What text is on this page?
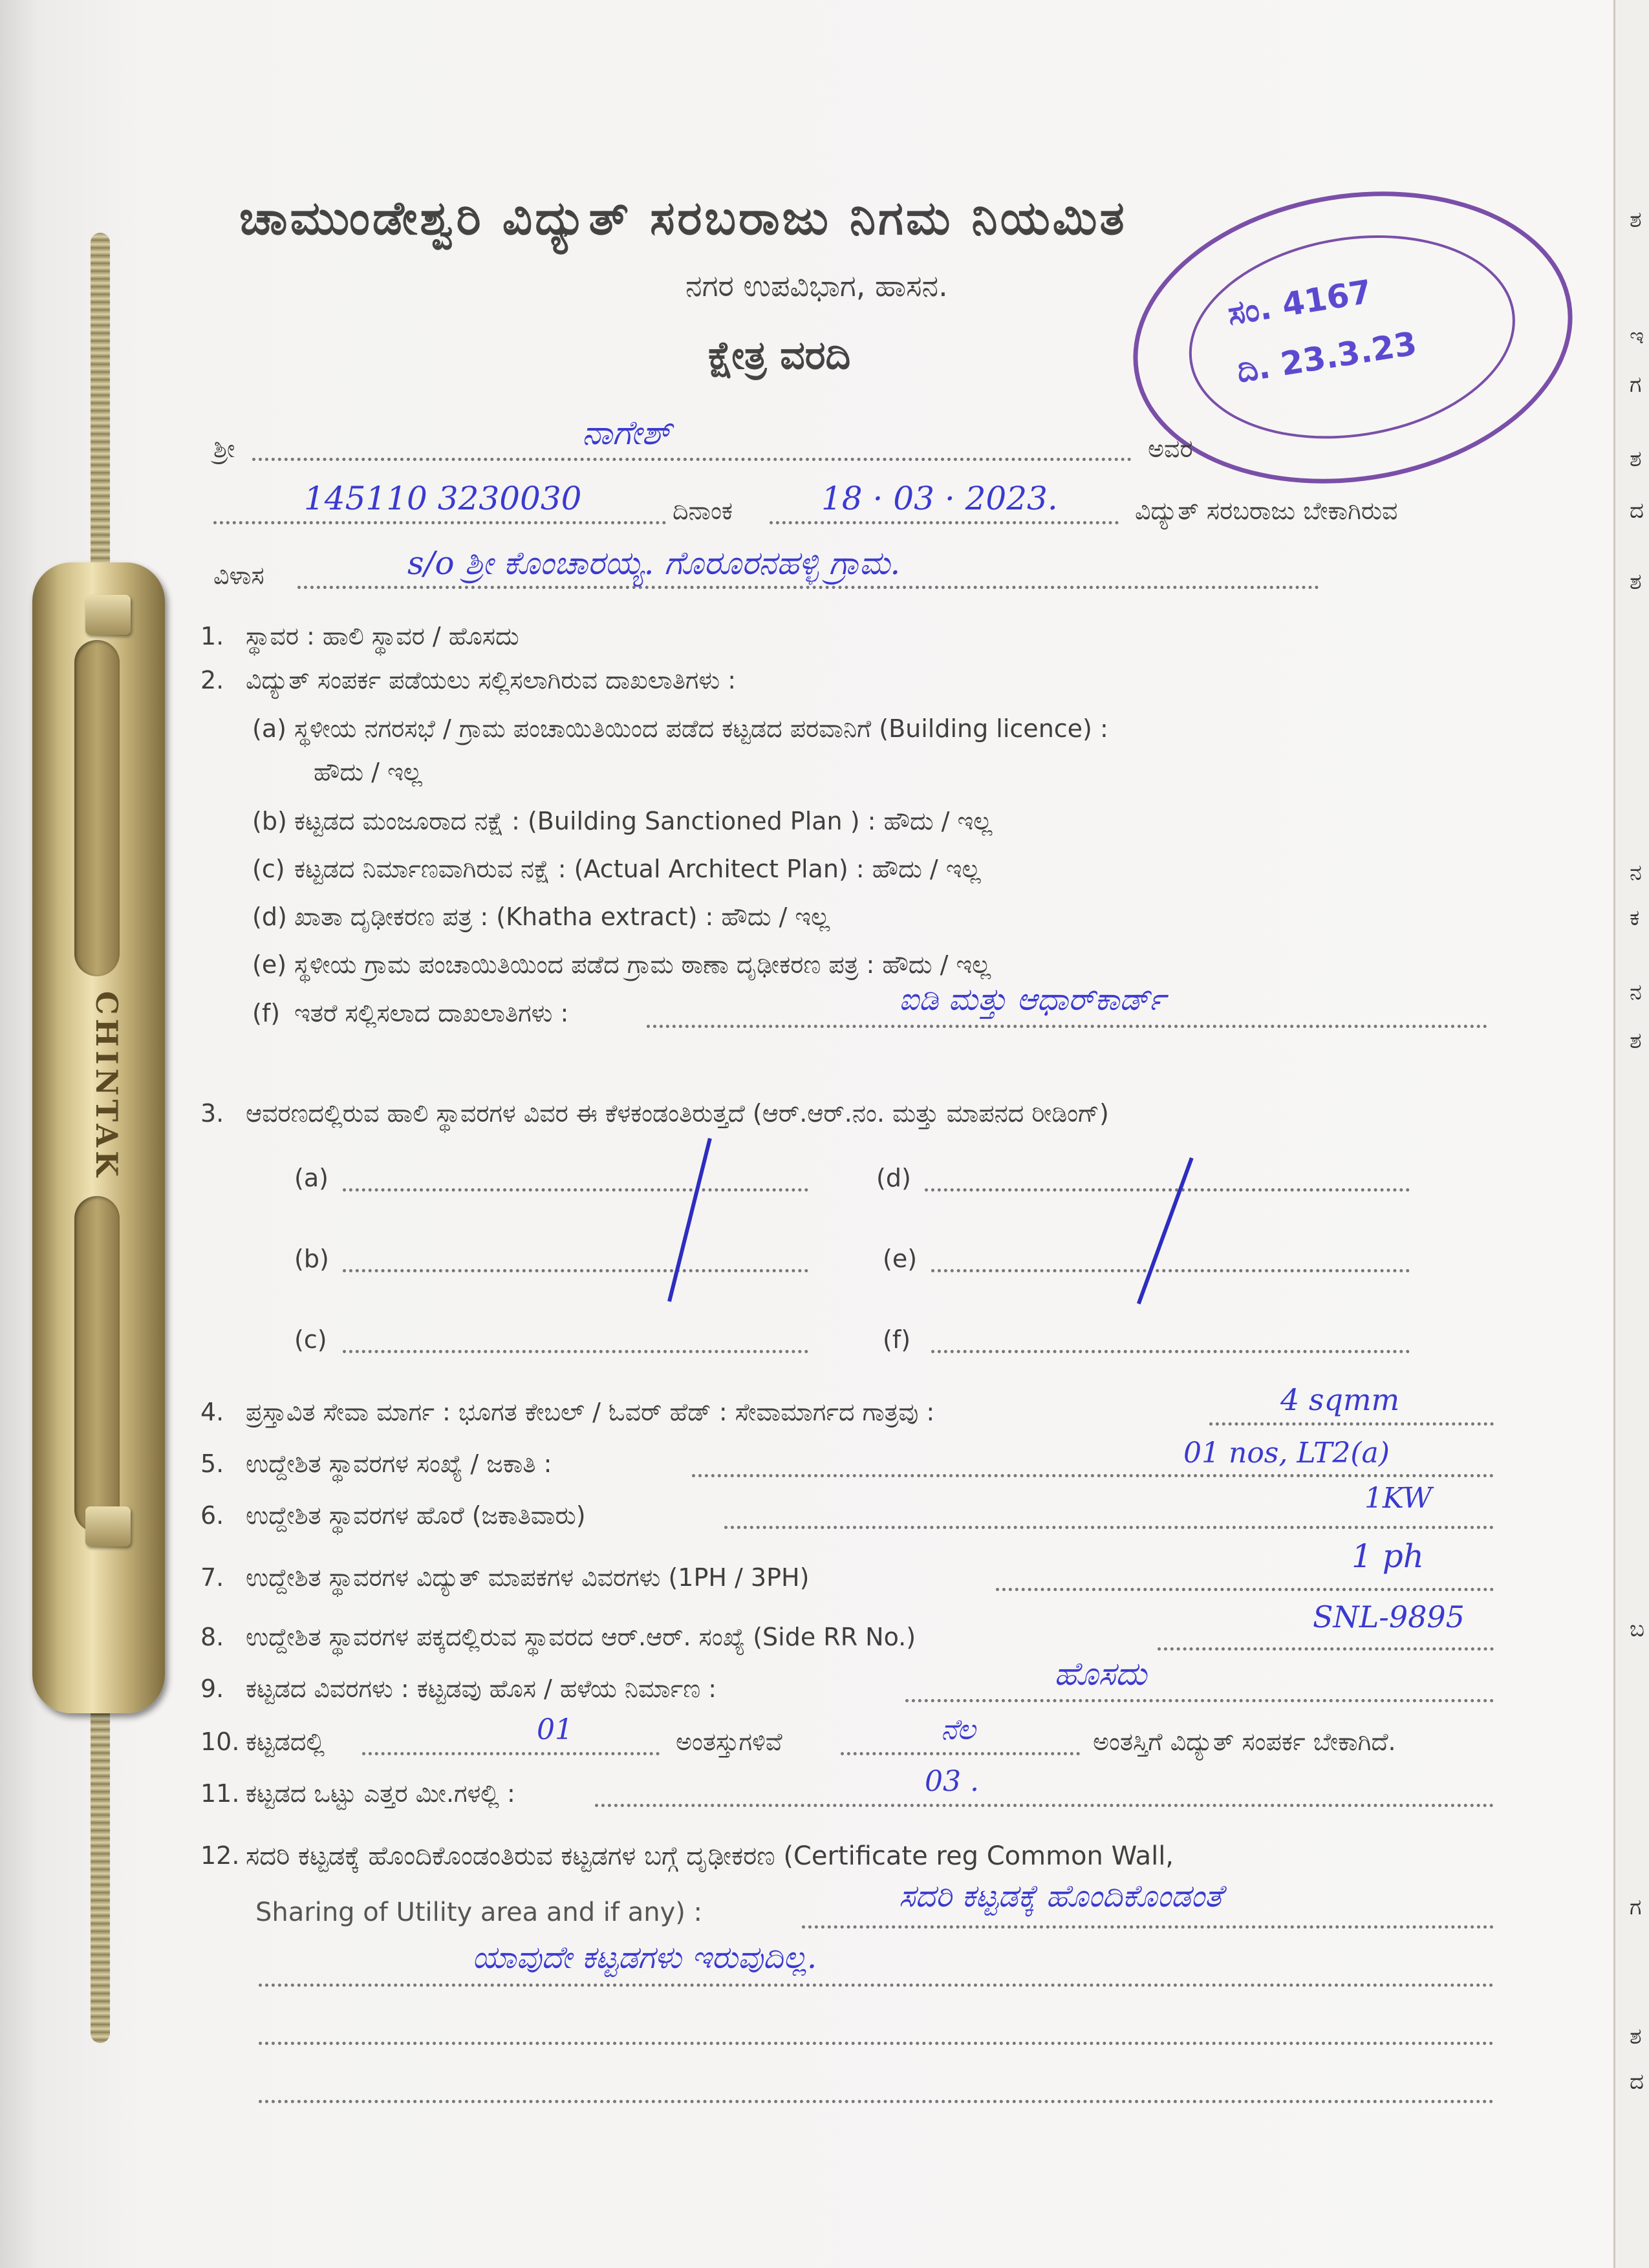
ಶ
ಇ
ಗ
ಶ
ದ
ಶ
ನ
ಕ
ನ
ಶ
ಬ
ಗ
ಶ
ದ
CHINTAK
ಚಾಮುಂಡೇಶ್ವರಿ ವಿದ್ಯುತ್ ಸರಬರಾಜು ನಿಗಮ ನಿಯಮಿತ
ನಗರ ಉಪವಿಭಾಗ, ಹಾಸನ.
ಕ್ಷೇತ್ರ ವರದಿ
ಸಂ. 4167
ದಿ. 23.3.23
ಶ್ರೀ	ನಾಗೇಶ್	ಅವರ
145110 3230030	ದಿನಾಂಕ	18 · 03 · 2023.	ವಿದ್ಯುತ್ ಸರಬರಾಜು ಬೇಕಾಗಿರುವ
ವಿಳಾಸ	s/o ಶ್ರೀ ಕೊಂಚಾರಯ್ಯ. ಗೊರೂರನಹಳ್ಳಿ ಗ್ರಾಮ.
1. ಸ್ಥಾವರ : ಹಾಲಿ ಸ್ಥಾವರ / ಹೊಸದು
2. ವಿದ್ಯುತ್ ಸಂಪರ್ಕ ಪಡೆಯಲು ಸಲ್ಲಿಸಲಾಗಿರುವ ದಾಖಲಾತಿಗಳು :
(a) ಸ್ಥಳೀಯ ನಗರಸಭೆ / ಗ್ರಾಮ ಪಂಚಾಯಿತಿಯಿಂದ ಪಡೆದ ಕಟ್ಟಡದ ಪರವಾನಿಗೆ (Building licence) :
ಹೌದು / ಇಲ್ಲ
(b) ಕಟ್ಟಡದ ಮಂಜೂರಾದ ನಕ್ಷೆ : (Building Sanctioned Plan ) : ಹೌದು / ಇಲ್ಲ
(c) ಕಟ್ಟಡದ ನಿರ್ಮಾಣವಾಗಿರುವ ನಕ್ಷೆ : (Actual Architect Plan) : ಹೌದು / ಇಲ್ಲ
(d) ಖಾತಾ ದೃಢೀಕರಣ ಪತ್ರ : (Khatha extract) : ಹೌದು / ಇಲ್ಲ
(e) ಸ್ಥಳೀಯ ಗ್ರಾಮ ಪಂಚಾಯಿತಿಯಿಂದ ಪಡೆದ ಗ್ರಾಮ ಠಾಣಾ ದೃಢೀಕರಣ ಪತ್ರ : ಹೌದು / ಇಲ್ಲ
(f) ಇತರೆ ಸಲ್ಲಿಸಲಾದ ದಾಖಲಾತಿಗಳು :	ಐಡಿ ಮತ್ತು ಆಧಾರ್‌ಕಾರ್ಡ್
3. ಆವರಣದಲ್ಲಿರುವ ಹಾಲಿ ಸ್ಥಾವರಗಳ ವಿವರ ಈ ಕೆಳಕಂಡಂತಿರುತ್ತದೆ (ಆರ್.ಆರ್.ನಂ. ಮತ್ತು ಮಾಪನದ ರೀಡಿಂಗ್)
(a)	(d)
(b)	(e)
(c)	(f)
4. ಪ್ರಸ್ತಾವಿತ ಸೇವಾ ಮಾರ್ಗ : ಭೂಗತ ಕೇಬಲ್ / ಓವರ್ ಹೆಡ್ : ಸೇವಾಮಾರ್ಗದ ಗಾತ್ರವು :	4 sqmm
5. ಉದ್ದೇಶಿತ ಸ್ಥಾವರಗಳ ಸಂಖ್ಯೆ / ಜಕಾತಿ :	01 nos, LT2(a)
6. ಉದ್ದೇಶಿತ ಸ್ಥಾವರಗಳ ಹೊರೆ (ಜಕಾತಿವಾರು)
1KW
7. ಉದ್ದೇಶಿತ ಸ್ಥಾವರಗಳ ವಿದ್ಯುತ್ ಮಾಪಕಗಳ ವಿವರಗಳು (1PH / 3PH)
1 ph
8. ಉದ್ದೇಶಿತ ಸ್ಥಾವರಗಳ ಪಕ್ಕದಲ್ಲಿರುವ ಸ್ಥಾವರದ ಆರ್.ಆರ್. ಸಂಖ್ಯೆ (Side RR No.)
SNL-9895
9. ಕಟ್ಟಡದ ವಿವರಗಳು : ಕಟ್ಟಡವು ಹೊಸ / ಹಳೆಯ ನಿರ್ಮಾಣ :	ಹೊಸದು
10. ಕಟ್ಟಡದಲ್ಲಿ	01	ಅಂತಸ್ತುಗಳಿವೆ	ನೆಲ	ಅಂತಸ್ತಿಗೆ ವಿದ್ಯುತ್ ಸಂಪರ್ಕ ಬೇಕಾಗಿದೆ.
11. ಕಟ್ಟಡದ ಒಟ್ಟು ಎತ್ತರ ಮೀ.ಗಳಲ್ಲಿ :	03 .
12. ಸದರಿ ಕಟ್ಟಡಕ್ಕೆ ಹೊಂದಿಕೊಂಡಂತಿರುವ ಕಟ್ಟಡಗಳ ಬಗ್ಗೆ ದೃಢೀಕರಣ (Certificate reg Common Wall,
Sharing of Utility area and if any) :	ಸದರಿ ಕಟ್ಟಡಕ್ಕೆ ಹೊಂದಿಕೊಂಡಂತೆ
ಯಾವುದೇ ಕಟ್ಟಡಗಳು ಇರುವುದಿಲ್ಲ.
